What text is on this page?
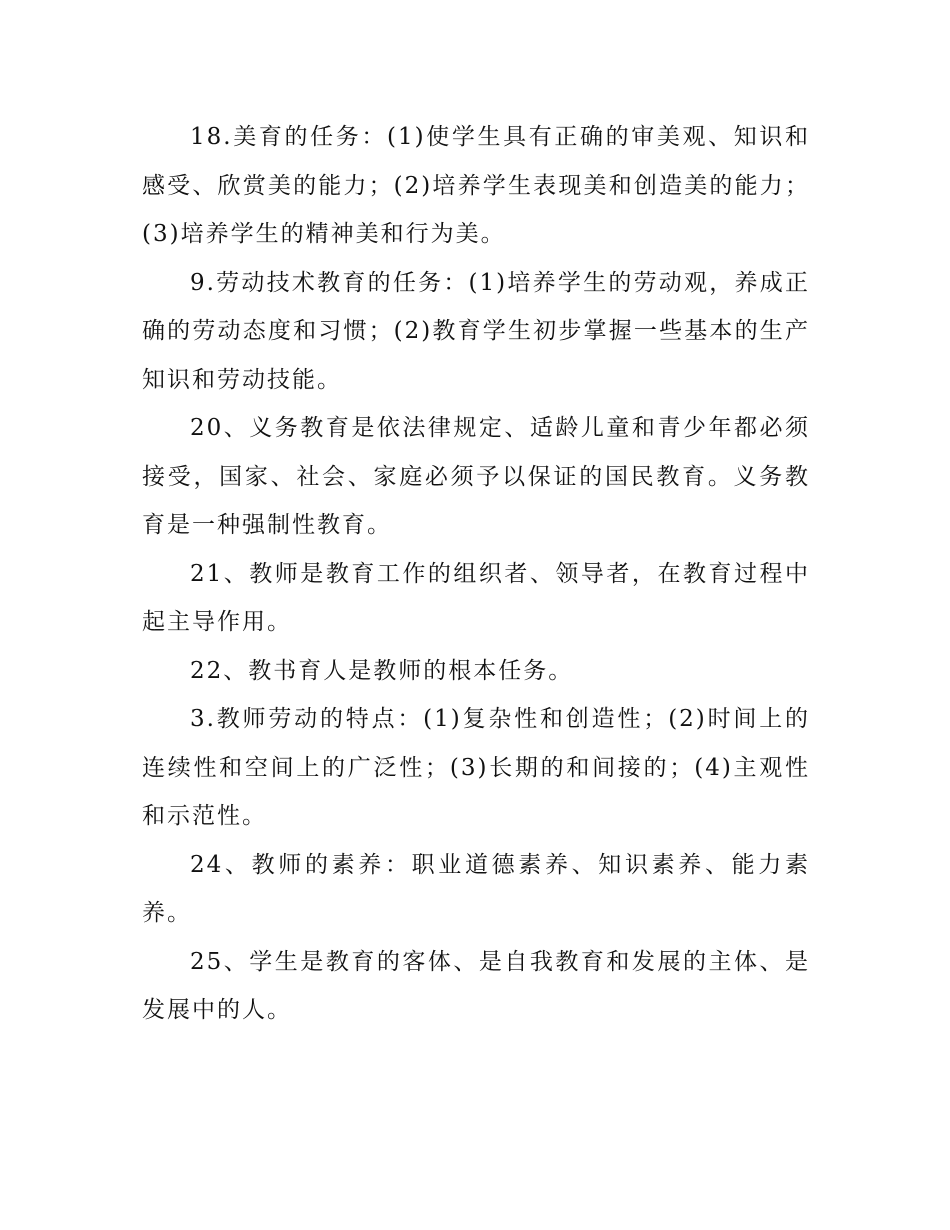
18.美育的任务：(1)使学生具有正确的审美观、知识和感受、欣赏美的能力；(2)培养学生表现美和创造美的能力；(3)培养学生的精神美和行为美。

9.劳动技术教育的任务：(1)培养学生的劳动观，养成正确的劳动态度和习惯；(2)教育学生初步掌握一些基本的生产知识和劳动技能。

20、义务教育是依法律规定、适龄儿童和青少年都必须接受，国家、社会、家庭必须予以保证的国民教育。义务教育是一种强制性教育。

21、教师是教育工作的组织者、领导者，在教育过程中起主导作用。

22、教书育人是教师的根本任务。

3.教师劳动的特点：(1)复杂性和创造性；(2)时间上的连续性和空间上的广泛性；(3)长期的和间接的；(4)主观性和示范性。

24、教师的素养：职业道德素养、知识素养、能力素养。

25、学生是教育的客体、是自我教育和发展的主体、是发展中的人。
